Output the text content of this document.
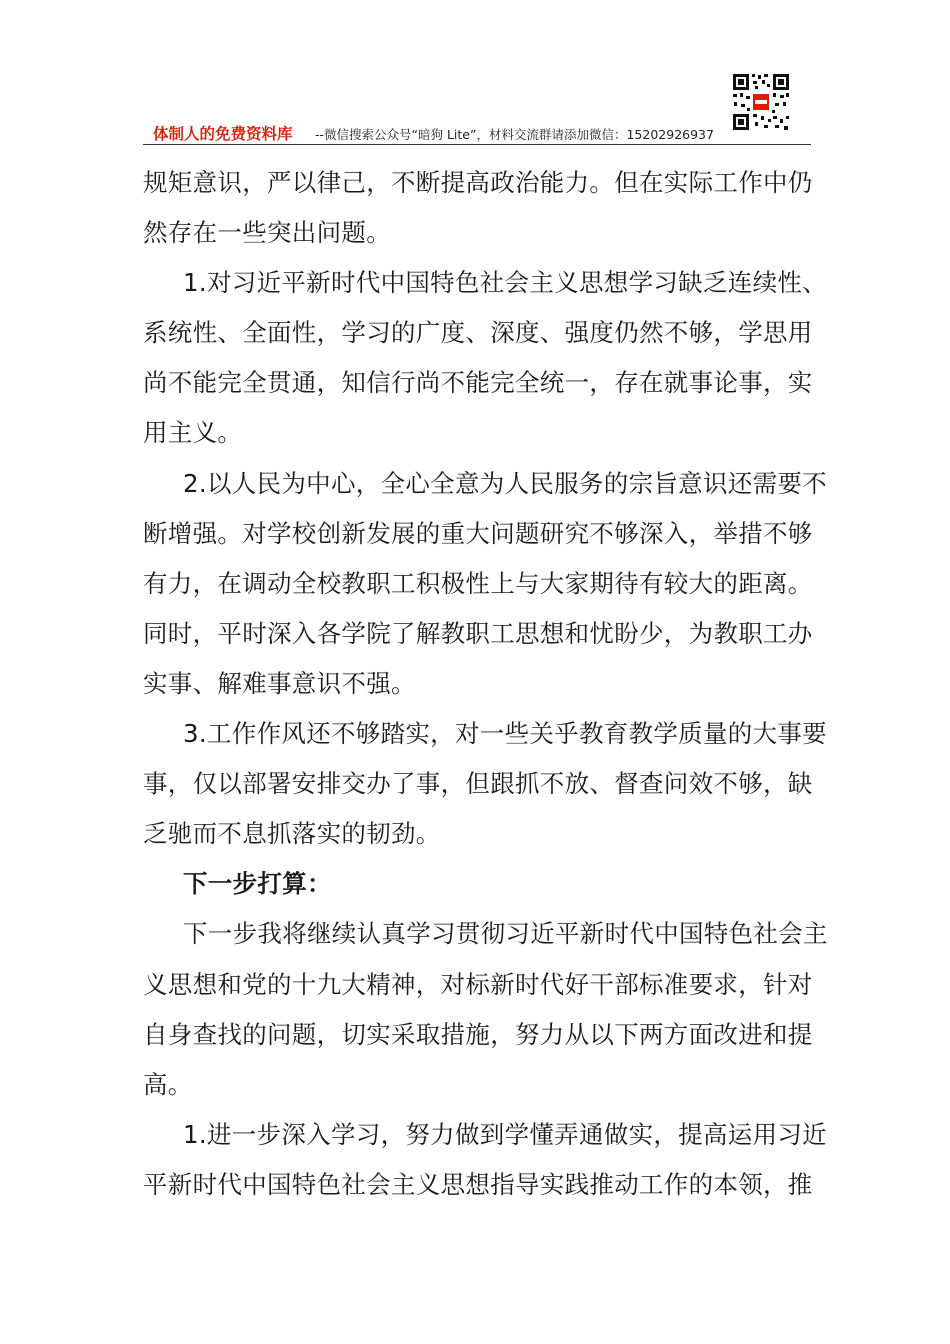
体制人的免费资料库 --微信搜索公众号“暗狗 Lite”，材料交流群请添加微信：15202926937

规矩意识，严以律己，不断提高政治能力。但在实际工作中仍
然存在一些突出问题。

1.对习近平新时代中国特色社会主义思想学习缺乏连续性、
系统性、全面性，学习的广度、深度、强度仍然不够，学思用
尚不能完全贯通，知信行尚不能完全统一，存在就事论事，实
用主义。

2.以人民为中心，全心全意为人民服务的宗旨意识还需要不
断增强。对学校创新发展的重大问题研究不够深入，举措不够
有力，在调动全校教职工积极性上与大家期待有较大的距离。
同时，平时深入各学院了解教职工思想和忧盼少，为教职工办
实事、解难事意识不强。

3.工作作风还不够踏实，对一些关乎教育教学质量的大事要
事，仅以部署安排交办了事，但跟抓不放、督查问效不够，缺
乏驰而不息抓落实的韧劲。

下一步打算：

下一步我将继续认真学习贯彻习近平新时代中国特色社会主
义思想和党的十九大精神，对标新时代好干部标准要求，针对
自身查找的问题，切实采取措施，努力从以下两方面改进和提
高。

1.进一步深入学习，努力做到学懂弄通做实，提高运用习近
平新时代中国特色社会主义思想指导实践推动工作的本领，推
